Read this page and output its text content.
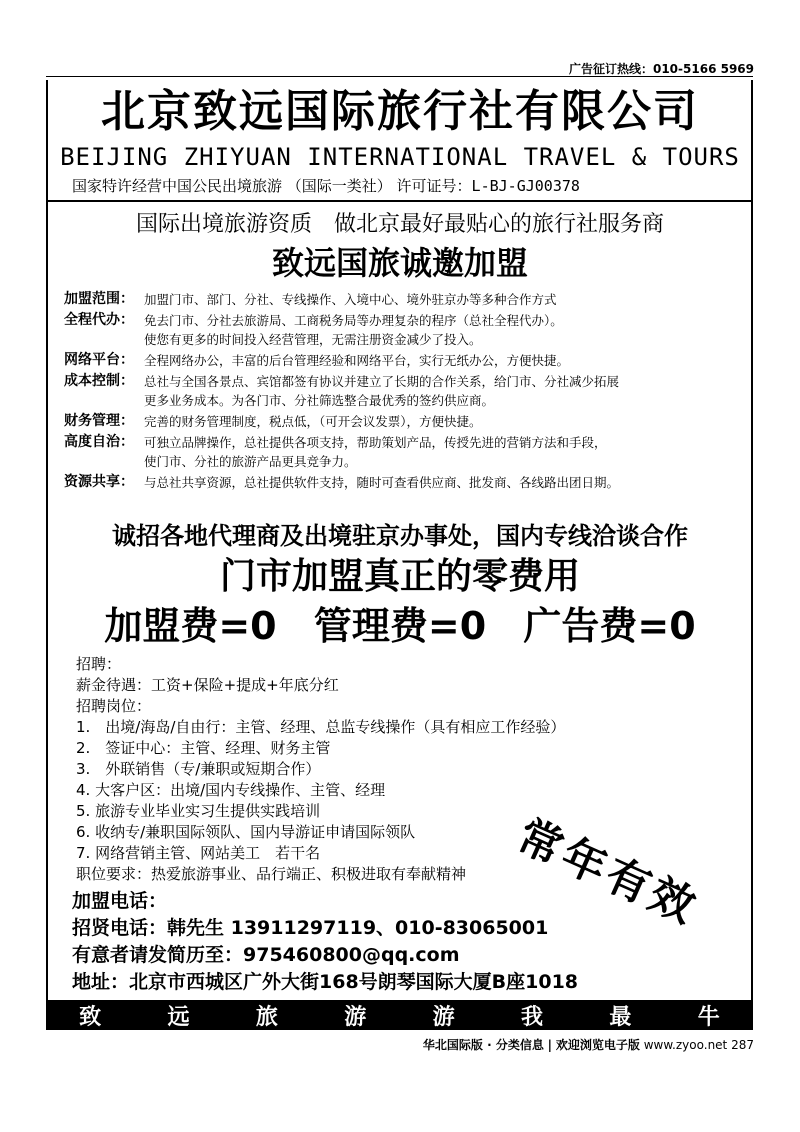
广告征订热线：010-5166 5969
北京致远国际旅行社有限公司
BEIJING ZHIYUAN INTERNATIONAL TRAVEL & TOURS
国家特许经营中国公民出境旅游 （国际一类社） 许可证号：L-BJ-GJ00378
国际出境旅游资质　做北京最好最贴心的旅行社服务商
致远国旅诚邀加盟
加盟范围： 加盟门市、部门、分社、专线操作、入境中心、境外驻京办等多种合作方式
全程代办： 免去门市、分社去旅游局、工商税务局等办理复杂的程序（总社全程代办）。
使您有更多的时间投入经营管理，无需注册资金减少了投入。
网络平台： 全程网络办公，丰富的后台管理经验和网络平台，实行无纸办公，方便快捷。
成本控制： 总社与全国各景点、宾馆都签有协议并建立了长期的合作关系，给门市、分社减少拓展
更多业务成本。为各门市、分社筛选整合最优秀的签约供应商。
财务管理： 完善的财务管理制度，税点低，（可开会议发票），方便快捷。
高度自治： 可独立品牌操作，总社提供各项支持，帮助策划产品，传授先进的营销方法和手段，
使门市、分社的旅游产品更具竞争力。
资源共享： 与总社共享资源，总社提供软件支持，随时可查看供应商、批发商、各线路出团日期。
诚招各地代理商及出境驻京办事处，国内专线洽谈合作
门市加盟真正的零费用
加盟费=0 管理费=0 广告费=0
招聘：
薪金待遇：工资+保险+提成+年底分红
招聘岗位：
1.　出境/海岛/自由行：主管、经理、总监专线操作（具有相应工作经验）
2.　签证中心：主管、经理、财务主管
3.　外联销售（专/兼职或短期合作）
4. 大客户区：出境/国内专线操作、主管、经理
5. 旅游专业毕业实习生提供实践培训
6. 收纳专/兼职国际领队、国内导游证申请国际领队
7. 网络营销主管、网站美工　若干名
职位要求：热爱旅游事业、品行端正、积极进取有奉献精神 常年有效
加盟电话：
招贤电话：韩先生 13911297119、010-83065001
有意者请发简历至：975460800@qq.com
地址：北京市西城区广外大街168号朗琴国际大厦B座1018
致	远	旅	游	游	我	最	牛
华北国际版 · 分类信息 | 欢迎浏览电子版 www.zyoo.net 287
